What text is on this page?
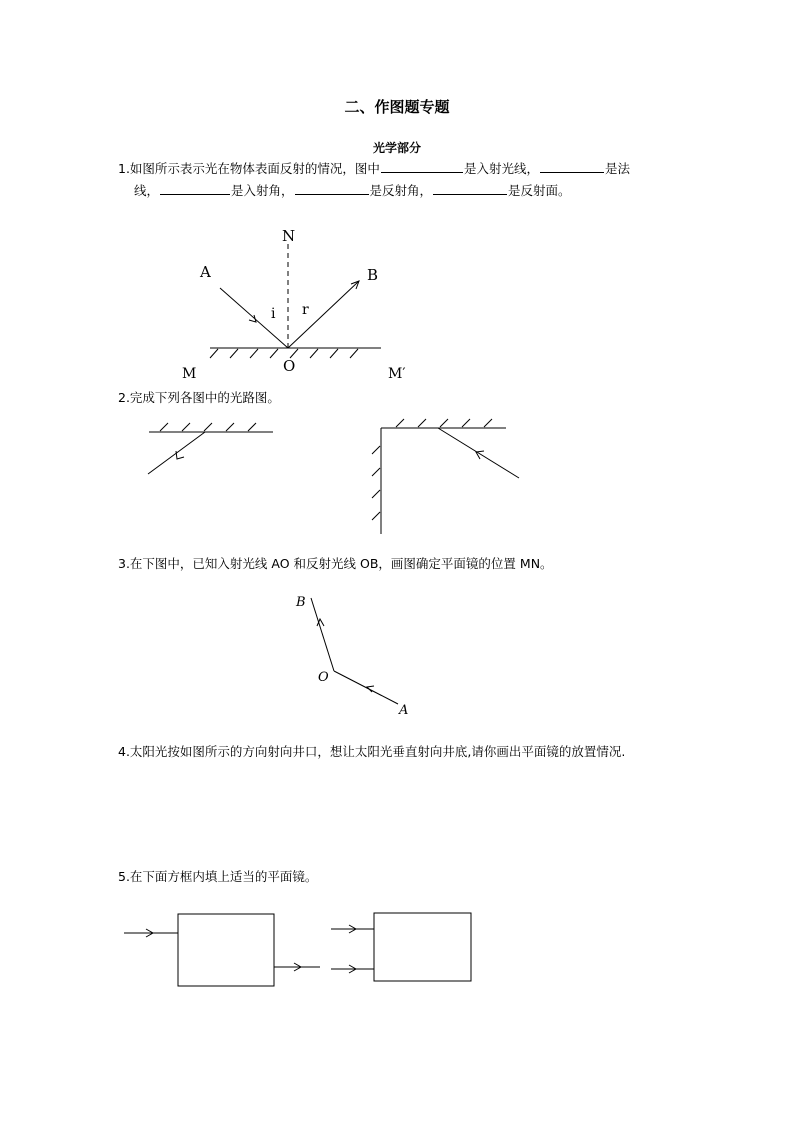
二、作图题专题
光学部分
1.如图所示表示光在物体表面反射的情况，图中	是入射光线，	是法
线，	是入射角，	是反射角，	是反射面。
N
A	B
i r
O
M	M′
2.完成下列各图中的光路图。
3.在下图中，已知入射光线 AO 和反射光线 OB，画图确定平面镜的位置 MN。
B
O
A
4.太阳光按如图所示的方向射向井口，想让太阳光垂直射向井底,请你画出平面镜的放置情况.
5.在下面方框内填上适当的平面镜。
